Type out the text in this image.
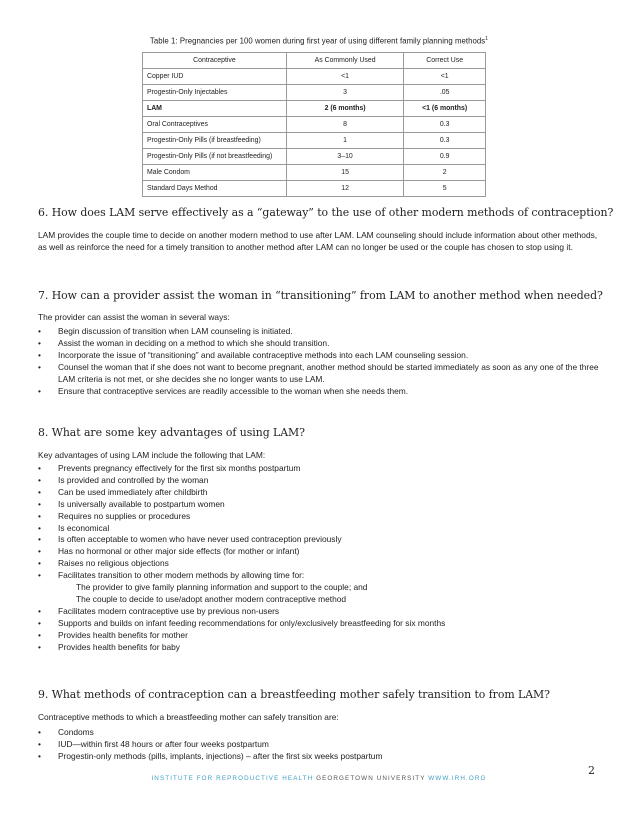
Table 1: Pregnancies per 100 women during first year of using different family planning methods$^1$
Contraceptive	As Commonly Used	Correct Use
Copper IUD	<1	<1
Progestin-Only Injectables	3	.05
LAM	2 (6 months)	<1 (6 months)
Oral Contraceptives	8	0.3
Progestin-Only Pills (if breastfeeding)	1	0.3
Progestin-Only Pills (if not breastfeeding)	3–10	0.9
Male Condom	15	2
Standard Days Method	12	5
6. How does LAM serve effectively as a “gateway” to the use of other modern methods of contraception?

LAM provides the couple time to decide on another modern method to use after LAM. LAM counseling should include information about other methods, as well as reinforce the need for a timely transition to another method after LAM can no longer be used or the couple has chosen to stop using it.

7. How can a provider assist the woman in “transitioning” from LAM to another method when needed?

The provider can assist the woman in several ways:

• Begin discussion of transition when LAM counseling is initiated.
• Assist the woman in deciding on a method to which she should transition.
• Incorporate the issue of “transitioning” and available contraceptive methods into each LAM counseling session.
• Counsel the woman that if she does not want to become pregnant, another method should be started immediately as soon as any one of the three LAM criteria is not met, or she decides she no longer wants to use LAM.
• Ensure that contraceptive services are readily accessible to the woman when she needs them.
8. What are some key advantages of using LAM?

Key advantages of using LAM include the following that LAM:

• Prevents pregnancy effectively for the first six months postpartum
• Is provided and controlled by the woman
• Can be used immediately after childbirth
• Is universally available to postpartum women
• Requires no supplies or procedures
• Is economical
• Is often acceptable to women who have never used contraception previously
• Has no hormonal or other major side effects (for mother or infant)
• Raises no religious objections
• Facilitates transition to other modern methods by allowing time for:
The provider to give family planning information and support to the couple; and
The couple to decide to use/adopt another modern contraceptive method
• Facilitates modern contraceptive use by previous non-users
• Supports and builds on infant feeding recommendations for only/exclusively breastfeeding for six months
• Provides health benefits for mother
• Provides health benefits for baby
9. What methods of contraception can a breastfeeding mother safely transition to from LAM?

Contraceptive methods to which a breastfeeding mother can safely transition are:

• Condoms
• IUD—within first 48 hours or after four weeks postpartum
• Progestin-only methods (pills, implants, injections) – after the first six weeks postpartum
2
INSTITUTE FOR REPRODUCTIVE HEALTH GEORGETOWN UNIVERSITY WWW.IRH.ORG
